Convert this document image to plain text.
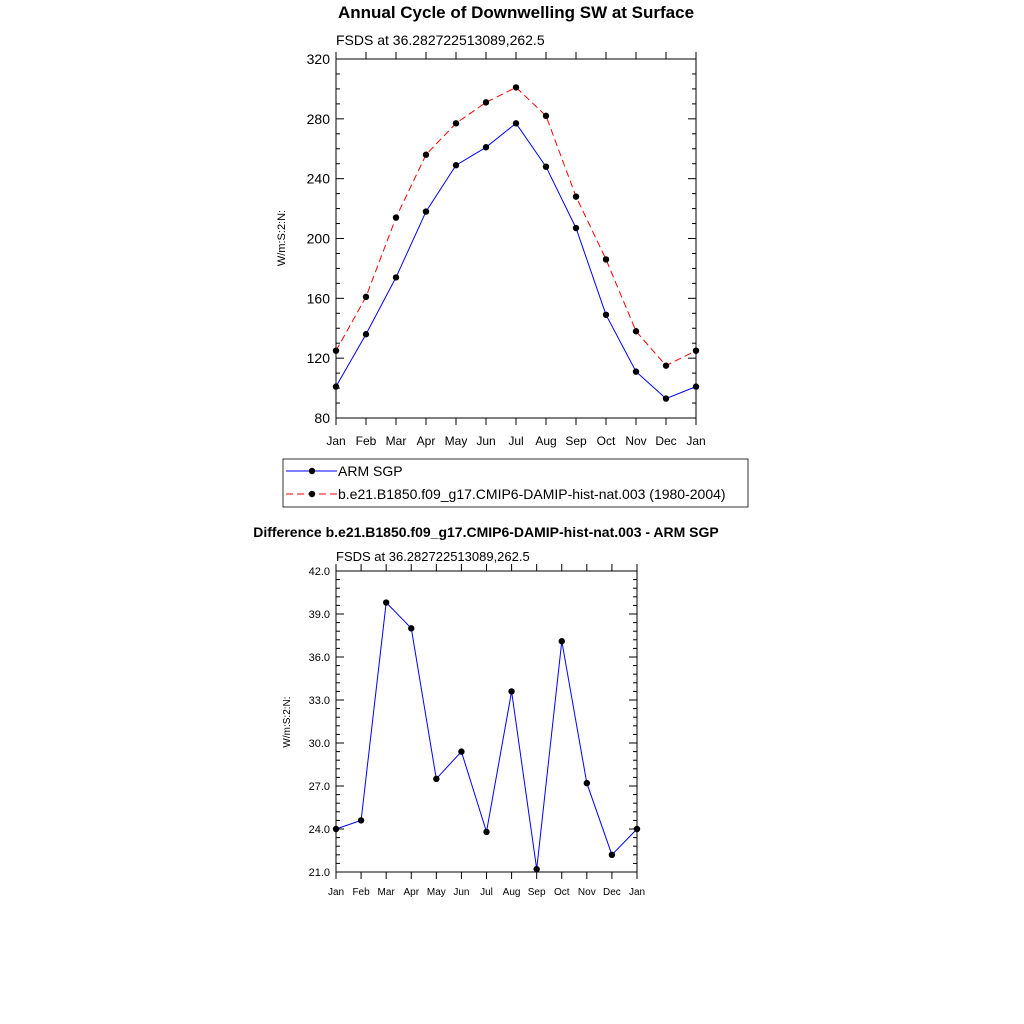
Annual Cycle of Downwelling SW at Surface
FSDS at 36.282722513089,262.5
80
120
160
200
240
280
320
Jan Feb Mar Apr May Jun Jul Aug Sep Oct Nov Dec Jan
W/m:S:2:N:
ARM SGP
b.e21.B1850.f09_g17.CMIP6-DAMIP-hist-nat.003 (1980-2004)
Difference b.e21.B1850.f09_g17.CMIP6-DAMIP-hist-nat.003 - ARM SGP
FSDS at 36.282722513089,262.5
21.0
24.0
27.0
30.0
33.0
36.0
39.0
42.0
Jan Feb Mar Apr May Jun Jul Aug Sep Oct Nov Dec Jan
W/m:S:2:N:
